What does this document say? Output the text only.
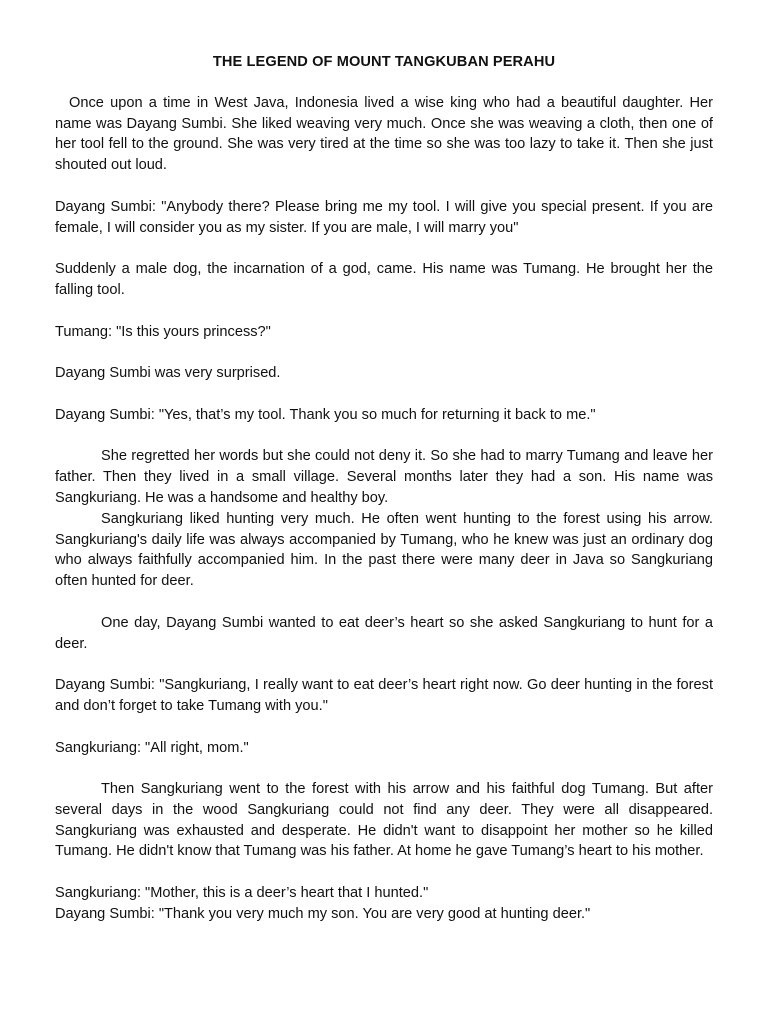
THE LEGEND OF MOUNT TANGKUBAN PERAHU

Once upon a time in West Java, Indonesia lived a wise king who had a beautiful daughter. Her name was Dayang Sumbi. She liked weaving very much. Once she was weaving a cloth, then one of her tool fell to the ground. She was very tired at the time so she was too lazy to take it. Then she just shouted out loud.

Dayang Sumbi: "Anybody there? Please bring me my tool. I will give you special present. If you are female, I will consider you as my sister. If you are male, I will marry you"

Suddenly a male dog, the incarnation of a god, came. His name was Tumang. He brought her the falling tool.

Tumang: "Is this yours princess?"

Dayang Sumbi was very surprised.

Dayang Sumbi: "Yes, that’s my tool. Thank you so much for returning it back to me."

She regretted her words but she could not deny it. So she had to marry Tumang and leave her father. Then they lived in a small village. Several months later they had a son. His name was Sangkuriang. He was a handsome and healthy boy.

Sangkuriang liked hunting very much. He often went hunting to the forest using his arrow. Sangkuriang's daily life was always accompanied by Tumang, who he knew was just an ordinary dog who always faithfully accompanied him. In the past there were many deer in Java so Sangkuriang often hunted for deer.

One day, Dayang Sumbi wanted to eat deer’s heart so she asked Sangkuriang to hunt for a deer.

Dayang Sumbi: "Sangkuriang, I really want to eat deer’s heart right now. Go deer hunting in the forest and don’t forget to take Tumang with you."

Sangkuriang: "All right, mom."

Then Sangkuriang went to the forest with his arrow and his faithful dog Tumang. But after several days in the wood Sangkuriang could not find any deer. They were all disappeared. Sangkuriang was exhausted and desperate. He didn't want to disappoint her mother so he killed Tumang. He didn't know that Tumang was his father. At home he gave Tumang’s heart to his mother.

Sangkuriang: "Mother, this is a deer’s heart that I hunted."

Dayang Sumbi: "Thank you very much my son. You are very good at hunting deer."
